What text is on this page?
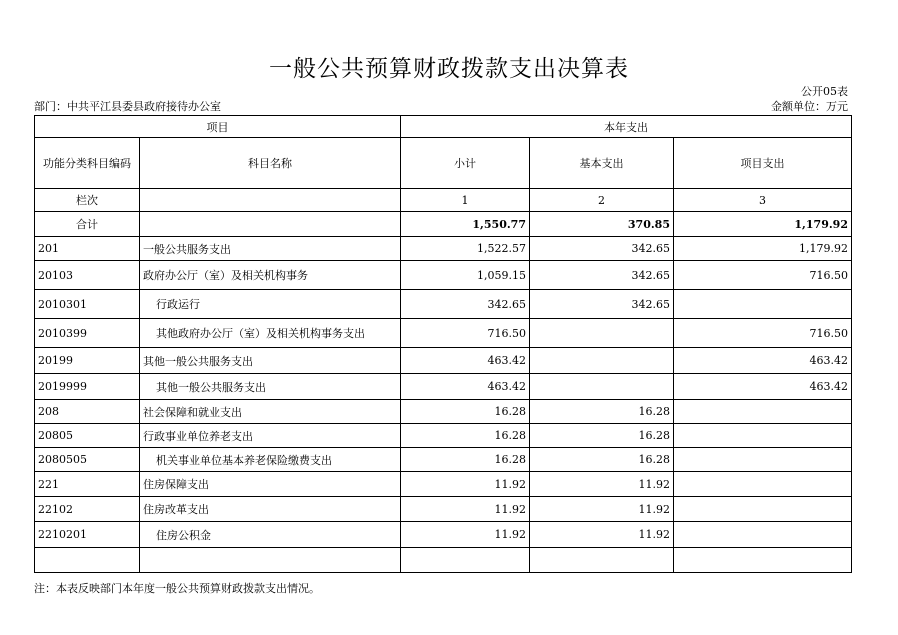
一般公共预算财政拨款支出决算表
公开05表
部门：中共平江县委县政府接待办公室	金额单位：万元
项目		本年支出		
功能分类科目编码	科目名称	小计	基本支出	项目支出
栏次		1	2	3
合计		1,550.77	370.85	1,179.92
201	一般公共服务支出	1,522.57	342.65	1,179.92
20103	政府办公厅（室）及相关机构事务	1,059.15	342.65	716.50
2010301	行政运行	342.65	342.65	
2010399	其他政府办公厅（室）及相关机构事务支出	716.50		716.50
20199	其他一般公共服务支出	463.42		463.42
2019999	其他一般公共服务支出	463.42		463.42
208	社会保障和就业支出	16.28	16.28	
20805	行政事业单位养老支出	16.28	16.28	
2080505	机关事业单位基本养老保险缴费支出	16.28	16.28	
221	住房保障支出	11.92	11.92	
22102	住房改革支出	11.92	11.92	
2210201	住房公积金	11.92	11.92	

注：本表反映部门本年度一般公共预算财政拨款支出情况。
